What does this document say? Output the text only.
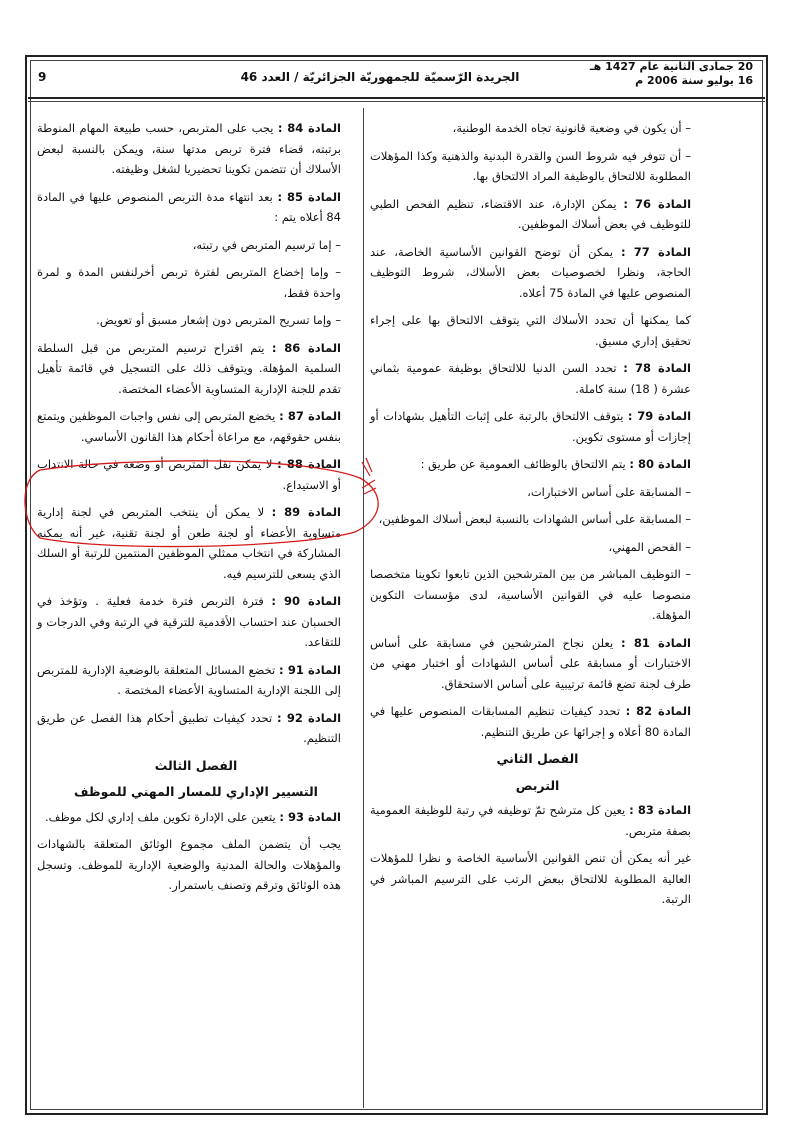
20 جمادى الثانية عام 1427 هـ
16 يوليو سنة 2006 م
الجريدة الرّسميّة للجمهوريّة الجزائريّة / العدد 46
9

– أن يكون في وضعية قانونية تجاه الخدمة الوطنية،

– أن تتوفر فيه شروط السن والقدرة البدنية والذهنية وكذا المؤهلات المطلوبة للالتحاق بالوظيفة المراد الالتحاق بها.

المادة 76 : يمكن الإدارة، عند الاقتضاء، تنظيم الفحص الطبي للتوظيف في بعض أسلاك الموظفين.

المادة 77 : يمكن أن توضح القوانين الأساسية الخاصة، عند الحاجة، ونظرا لخصوصيات بعض الأسلاك، شروط التوظيف المنصوص عليها في المادة 75 أعلاه.

كما يمكنها أن تحدد الأسلاك التي يتوقف الالتحاق بها على إجراء تحقيق إداري مسبق.

المادة 78 : تحدد السن الدنيا للالتحاق بوظيفة عمومية بثماني عشرة ( 18) سنة كاملة.

المادة 79 : يتوقف الالتحاق بالرتبة على إثبات التأهيل بشهادات أو إجازات أو مستوى تكوين.

المادة 80 : يتم الالتحاق بالوظائف العمومية عن طريق :

– المسابقة على أساس الاختبارات،

– المسابقة على أساس الشهادات بالنسبة لبعض أسلاك الموظفين،

– الفحص المهني،

– التوظيف المباشر من بين المترشحين الذين تابعوا تكوينا متخصصا منصوصا عليه في القوانين الأساسية، لدى مؤسسات التكوين المؤهلة.

المادة 81 : يعلن نجاح المترشحين في مسابقة على أساس الاختبارات أو مسابقة على أساس الشهادات أو اختبار مهني من طرف لجنة تضع قائمة ترتيبية على أساس الاستحقاق.

المادة 82 : تحدد كيفيات تنظيم المسابقات المنصوص عليها في المادة 80 أعلاه و إجرائها عن طريق التنظيم.

الفصل الثاني
التربص

المادة 83 : يعين كل مترشح تمّ توظيفه في رتبة للوظيفة العمومية بصفة متربص.

غير أنه يمكن أن تنص القوانين الأساسية الخاصة و نظرا للمؤهلات العالية المطلوبة للالتحاق ببعض الرتب على الترسيم المباشر في الرتبة.

المادة 84 : يجب على المتربص، حسب طبيعة المهام المنوطة برتبته، قضاء فترة تربص مدتها سنة، ويمكن بالنسبة لبعض الأسلاك أن تتضمن تكوينا تحضيريا لشغل وظيفته.

المادة 85 : بعد انتهاء مدة التربص المنصوص عليها في المادة 84 أعلاه يتم :

– إما ترسيم المتربص في رتبته،

– وإما إخضاع المتربص لفترة تربص أخرلنفس المدة و لمرة واحدة فقط،

– وإما تسريح المتربص دون إشعار مسبق أو تعويض.

المادة 86 : يتم اقتراح ترسيم المتربص من قبل السلطة السلمية المؤهلة. ويتوقف ذلك على التسجيل في قائمة تأهيل تقدم للجنة الإدارية المتساوية الأعضاء المختصة.

المادة 87 : يخضع المتربص إلى نفس واجبات الموظفين ويتمتع بنفس حقوقهم، مع مراعاة أحكام هذا القانون الأساسي.

المادة 88 : لا يمكن نقل المتربص أو وضعه في حالة الانتداب أو الاستيداع.

المادة 89 : لا يمكن أن ينتخب المتربص في لجنة إدارية متساوية الأعضاء أو لجنة طعن أو لجنة تقنية، غير أنه يمكنه المشاركة في انتخاب ممثلي الموظفين المنتمين للرتبة أو السلك الذي يسعى للترسيم فيه.

المادة 90 : فترة التربص فترة خدمة فعلية . وتؤخذ في الحسبان عند احتساب الأقدمية للترقية في الرتبة وفي الدرجات و للتقاعد.

المادة 91 : تخضع المسائل المتعلقة بالوضعية الإدارية للمتربص إلى اللجنة الإدارية المتساوية الأعضاء المختصة .

المادة 92 : تحدد كيفيات تطبيق أحكام هذا الفصل عن طريق التنظيم.

الفصل الثالث
التسيير الإداري للمسار المهني للموظف

المادة 93 : يتعين على الإدارة تكوين ملف إداري لكل موظف.

يجب أن يتضمن الملف مجموع الوثائق المتعلقة بالشهادات والمؤهلات والحالة المدنية والوضعية الإدارية للموظف. وتسجل هذه الوثائق وترقم وتصنف باستمرار.
